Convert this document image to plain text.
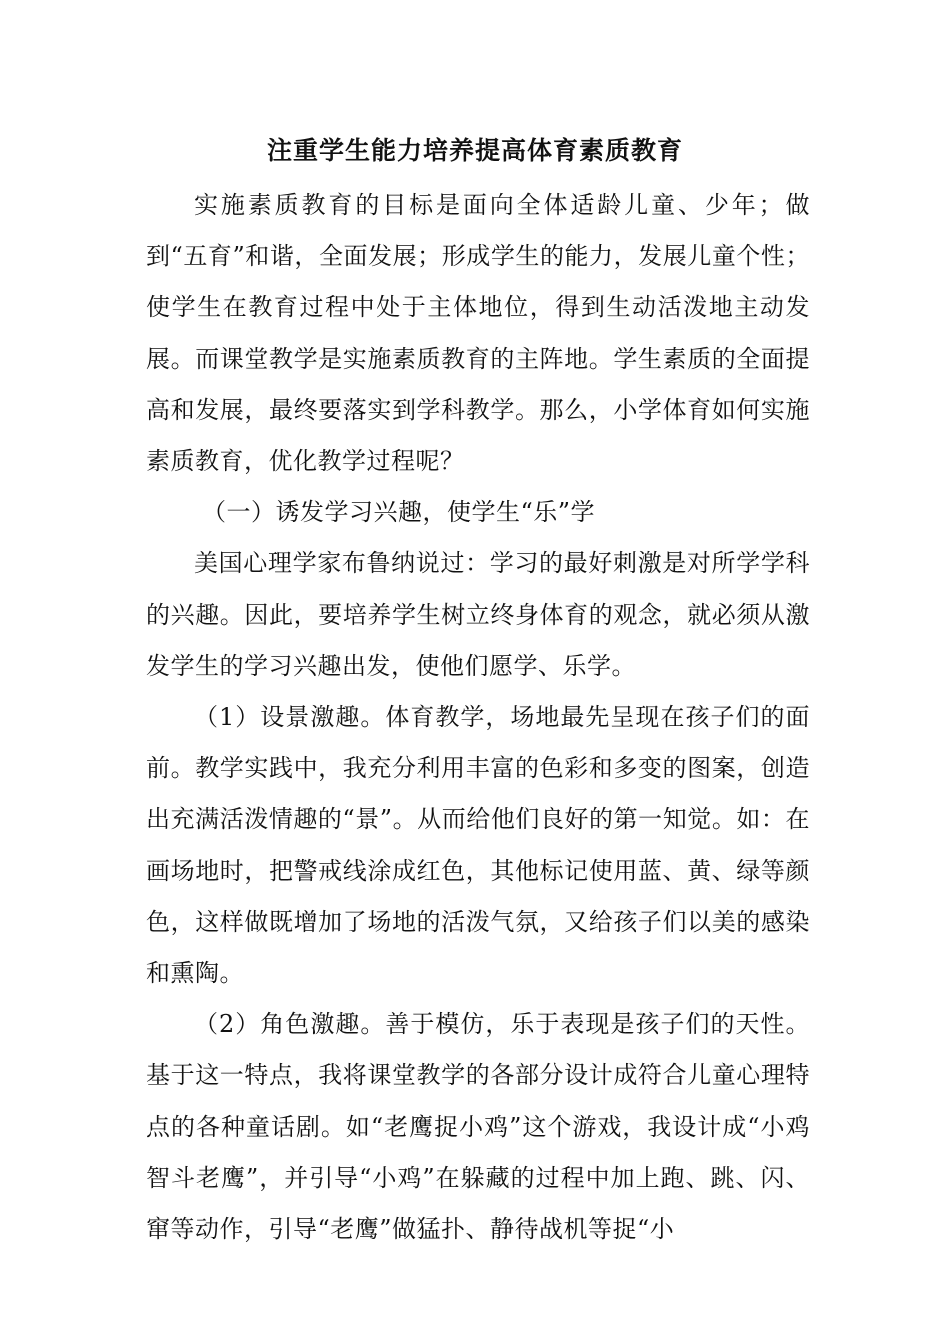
注重学生能力培养提高体育素质教育

实施素质教育的目标是面向全体适龄儿童、少年；做到“五育”和谐，全面发展；形成学生的能力，发展儿童个性；使学生在教育过程中处于主体地位，得到生动活泼地主动发展。而课堂教学是实施素质教育的主阵地。学生素质的全面提高和发展，最终要落实到学科教学。那么，小学体育如何实施素质教育，优化教学过程呢？

（一）诱发学习兴趣，使学生“乐”学

美国心理学家布鲁纳说过：学习的最好刺激是对所学学科的兴趣。因此，要培养学生树立终身体育的观念，就必须从激发学生的学习兴趣出发，使他们愿学、乐学。

（1）设景激趣。体育教学，场地最先呈现在孩子们的面前。教学实践中，我充分利用丰富的色彩和多变的图案，创造出充满活泼情趣的“景”。从而给他们良好的第一知觉。如：在画场地时，把警戒线涂成红色，其他标记使用蓝、黄、绿等颜色，这样做既增加了场地的活泼气氛，又给孩子们以美的感染和熏陶。

（2）角色激趣。善于模仿，乐于表现是孩子们的天性。基于这一特点，我将课堂教学的各部分设计成符合儿童心理特点的各种童话剧。如“老鹰捉小鸡”这个游戏，我设计成“小鸡智斗老鹰”，并引导“小鸡”在躲藏的过程中加上跑、跳、闪、窜等动作，引导“老鹰”做猛扑、静待战机等捉“小
